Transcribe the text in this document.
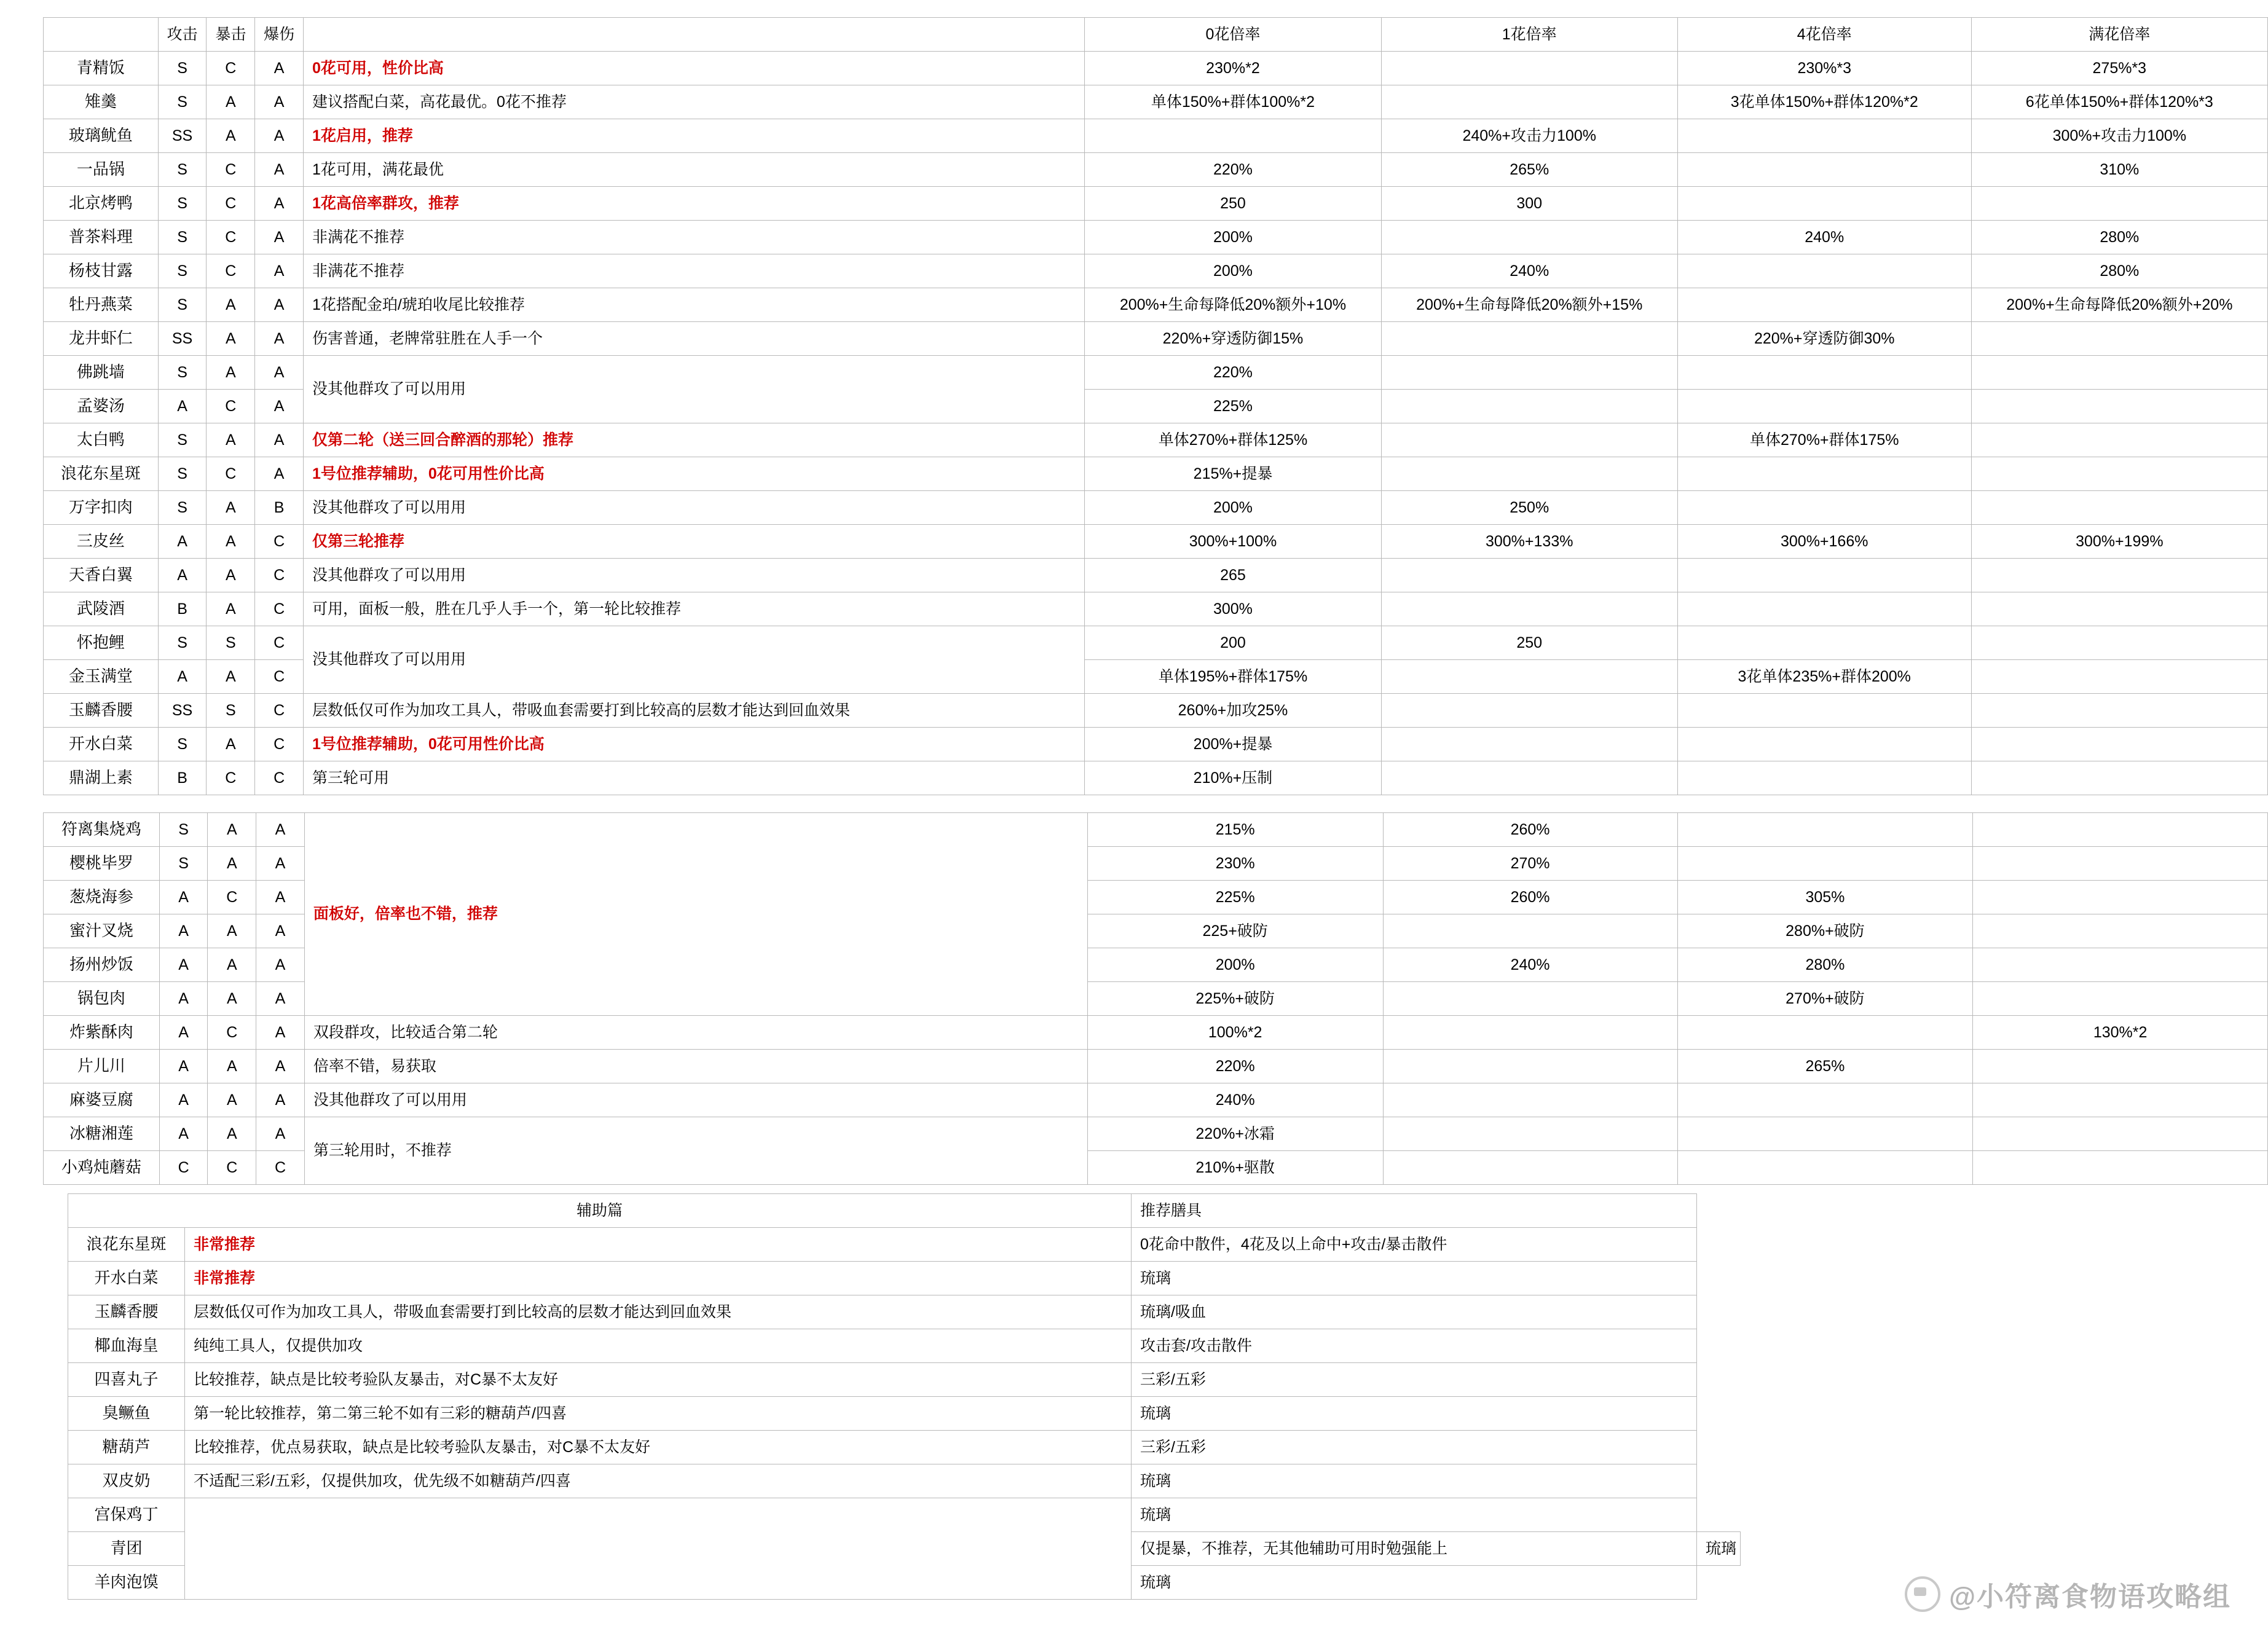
	攻击	暴击	爆伤		0花倍率	1花倍率	4花倍率	满花倍率
青精饭	S	C	A	0花可用，性价比高	230%*2		230%*3	275%*3
雉羹	S	A	A	建议搭配白菜，高花最优。0花不推荐	单体150%+群体100%*2		3花单体150%+群体120%*2	6花单体150%+群体120%*3
玻璃鱿鱼	SS	A	A	1花启用，推荐		240%+攻击力100%		300%+攻击力100%
一品锅	S	C	A	1花可用，满花最优	220%	265%		310%
北京烤鸭	S	C	A	1花高倍率群攻，推荐	250	300		
普茶料理	S	C	A	非满花不推荐	200%		240%	280%
杨枝甘露	S	C	A	非满花不推荐	200%	240%		280%
牡丹燕菜	S	A	A	1花搭配金珀/琥珀收尾比较推荐	200%+生命每降低20%额外+10%	200%+生命每降低20%额外+15%		200%+生命每降低20%额外+20%
龙井虾仁	SS	A	A	伤害普通，老牌常驻胜在人手一个	220%+穿透防御15%		220%+穿透防御30%	
佛跳墙	S	A	A	没其他群攻了可以用用	220%			
孟婆汤	A	C	A		225%			
太白鸭	S	A	A	仅第二轮（送三回合醉酒的那轮）推荐	单体270%+群体125%		单体270%+群体175%	
浪花东星斑	S	C	A	1号位推荐辅助，0花可用性价比高	215%+提暴			
万字扣肉	S	A	B	没其他群攻了可以用用	200%	250%		
三皮丝	A	A	C	仅第三轮推荐	300%+100%	300%+133%	300%+166%	300%+199%
天香白翼	A	A	C	没其他群攻了可以用用	265			
武陵酒	B	A	C	可用，面板一般，胜在几乎人手一个，第一轮比较推荐	300%			
怀抱鲤	S	S	C	没其他群攻了可以用用	200	250		
金玉满堂	A	A	C		单体195%+群体175%		3花单体235%+群体200%	
玉麟香腰	SS	S	C	层数低仅可作为加攻工具人，带吸血套需要打到比较高的层数才能达到回血效果	260%+加攻25%			
开水白菜	S	A	C	1号位推荐辅助，0花可用性价比高	200%+提暴			
鼎湖上素	B	C	C	第三轮可用	210%+压制			
符离集烧鸡	S	A	A	面板好，倍率也不错，推荐	215%	260%		
樱桃毕罗	S	A	A		230%	270%		
葱烧海参	A	C	A		225%	260%	305%	
蜜汁叉烧	A	A	A		225+破防		280%+破防	
扬州炒饭	A	A	A		200%	240%	280%	
锅包肉	A	A	A		225%+破防		270%+破防	
炸紫酥肉	A	C	A	双段群攻，比较适合第二轮	100%*2			130%*2
片儿川	A	A	A	倍率不错，易获取	220%		265%	
麻婆豆腐	A	A	A	没其他群攻了可以用用	240%			
冰糖湘莲	A	A	A	第三轮用时，不推荐	220%+冰霜			
小鸡炖蘑菇	C	C	C		210%+驱散			
辅助篇		推荐膳具	
浪花东星斑	非常推荐	0花命中散件，4花及以上命中+攻击/暴击散件	
开水白菜	非常推荐	琉璃	
玉麟香腰	层数低仅可作为加攻工具人，带吸血套需要打到比较高的层数才能达到回血效果	琉璃/吸血	
椰血海皇	纯纯工具人，仅提供加攻	攻击套/攻击散件	
四喜丸子	比较推荐，缺点是比较考验队友暴击，对C暴不太友好	三彩/五彩	
臭鳜鱼	第一轮比较推荐，第二第三轮不如有三彩的糖葫芦/四喜	琉璃	
糖葫芦	比较推荐，优点易获取，缺点是比较考验队友暴击，对C暴不太友好	三彩/五彩	
双皮奶	不适配三彩/五彩，仅提供加攻，优先级不如糖葫芦/四喜	琉璃	
宫保鸡丁		琉璃	
青团		仅提暴，不推荐，无其他辅助可用时勉强能上	琉璃
羊肉泡馍		琉璃	
	@小符离食物语攻略组
